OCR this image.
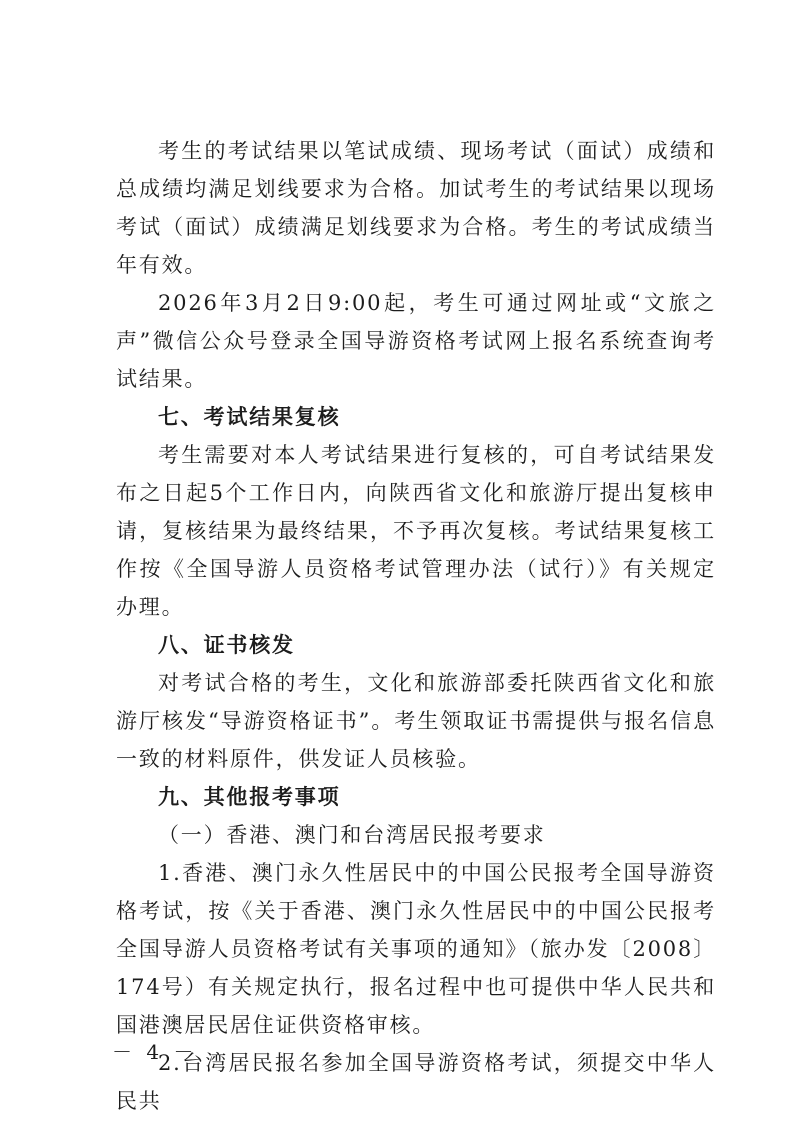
考生的考试结果以笔试成绩、现场考试（面试）成绩和总成绩均满足划线要求为合格。加试考生的考试结果以现场考试（面试）成绩满足划线要求为合格。考生的考试成绩当年有效。

2026年3月2日9:00起，考生可通过网址或“文旅之声”微信公众号登录全国导游资格考试网上报名系统查询考试结果。

七、考试结果复核

考生需要对本人考试结果进行复核的，可自考试结果发布之日起5个工作日内，向陕西省文化和旅游厅提出复核申请，复核结果为最终结果，不予再次复核。考试结果复核工作按《全国导游人员资格考试管理办法（试行）》有关规定办理。

八、证书核发

对考试合格的考生，文化和旅游部委托陕西省文化和旅游厅核发“导游资格证书”。考生领取证书需提供与报名信息一致的材料原件，供发证人员核验。

九、其他报考事项

（一）香港、澳门和台湾居民报考要求

1.香港、澳门永久性居民中的中国公民报考全国导游资格考试，按《关于香港、澳门永久性居民中的中国公民报考全国导游人员资格考试有关事项的通知》（旅办发〔2008〕174号）有关规定执行，报名过程中也可提供中华人民共和国港澳居民居住证供资格审核。

2.台湾居民报名参加全国导游资格考试，须提交中华人民共

－ 4 －
